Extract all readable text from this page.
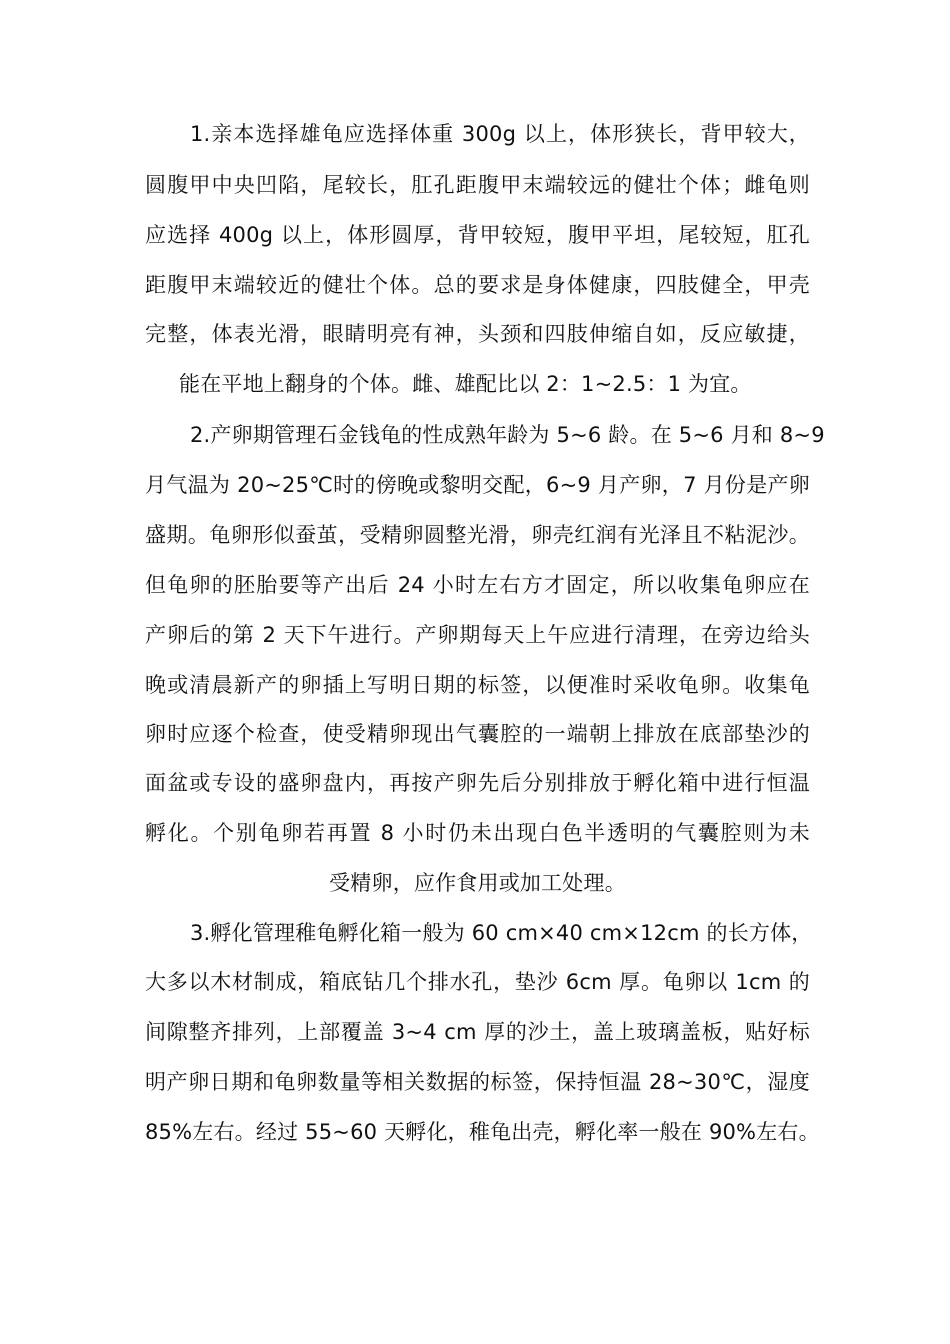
1.亲本选择雄龟应选择体重 300g 以上，体形狭长，背甲较大，
圆腹甲中央凹陷，尾较长，肛孔距腹甲末端较远的健壮个体；雌龟则
应选择 400g 以上，体形圆厚，背甲较短，腹甲平坦，尾较短，肛孔
距腹甲末端较近的健壮个体。总的要求是身体健康，四肢健全，甲壳
完整，体表光滑，眼睛明亮有神，头颈和四肢伸缩自如，反应敏捷，
能在平地上翻身的个体。雌、雄配比以 2：1~2.5：1 为宜。
2.产卵期管理石金钱龟的性成熟年龄为 5~6 龄。在 5~6 月和 8~9
月气温为 20~25℃时的傍晚或黎明交配，6~9 月产卵，7 月份是产卵
盛期。龟卵形似蚕茧，受精卵圆整光滑，卵壳红润有光泽且不粘泥沙。
但龟卵的胚胎要等产出后 24 小时左右方才固定，所以收集龟卵应在
产卵后的第 2 天下午进行。产卵期每天上午应进行清理，在旁边给头
晚或清晨新产的卵插上写明日期的标签，以便准时采收龟卵。收集龟
卵时应逐个检查，使受精卵现出气囊腔的一端朝上排放在底部垫沙的
面盆或专设的盛卵盘内，再按产卵先后分别排放于孵化箱中进行恒温
孵化。个别龟卵若再置 8 小时仍未出现白色半透明的气囊腔则为未
受精卵，应作食用或加工处理。
3.孵化管理稚龟孵化箱一般为 60 cm×40 cm×12cm 的长方体，
大多以木材制成，箱底钻几个排水孔，垫沙 6cm 厚。龟卵以 1cm 的
间隙整齐排列，上部覆盖 3~4 cm 厚的沙土，盖上玻璃盖板，贴好标
明产卵日期和龟卵数量等相关数据的标签，保持恒温 28~30℃，湿度
85%左右。经过 55~60 天孵化，稚龟出壳，孵化率一般在 90%左右。
